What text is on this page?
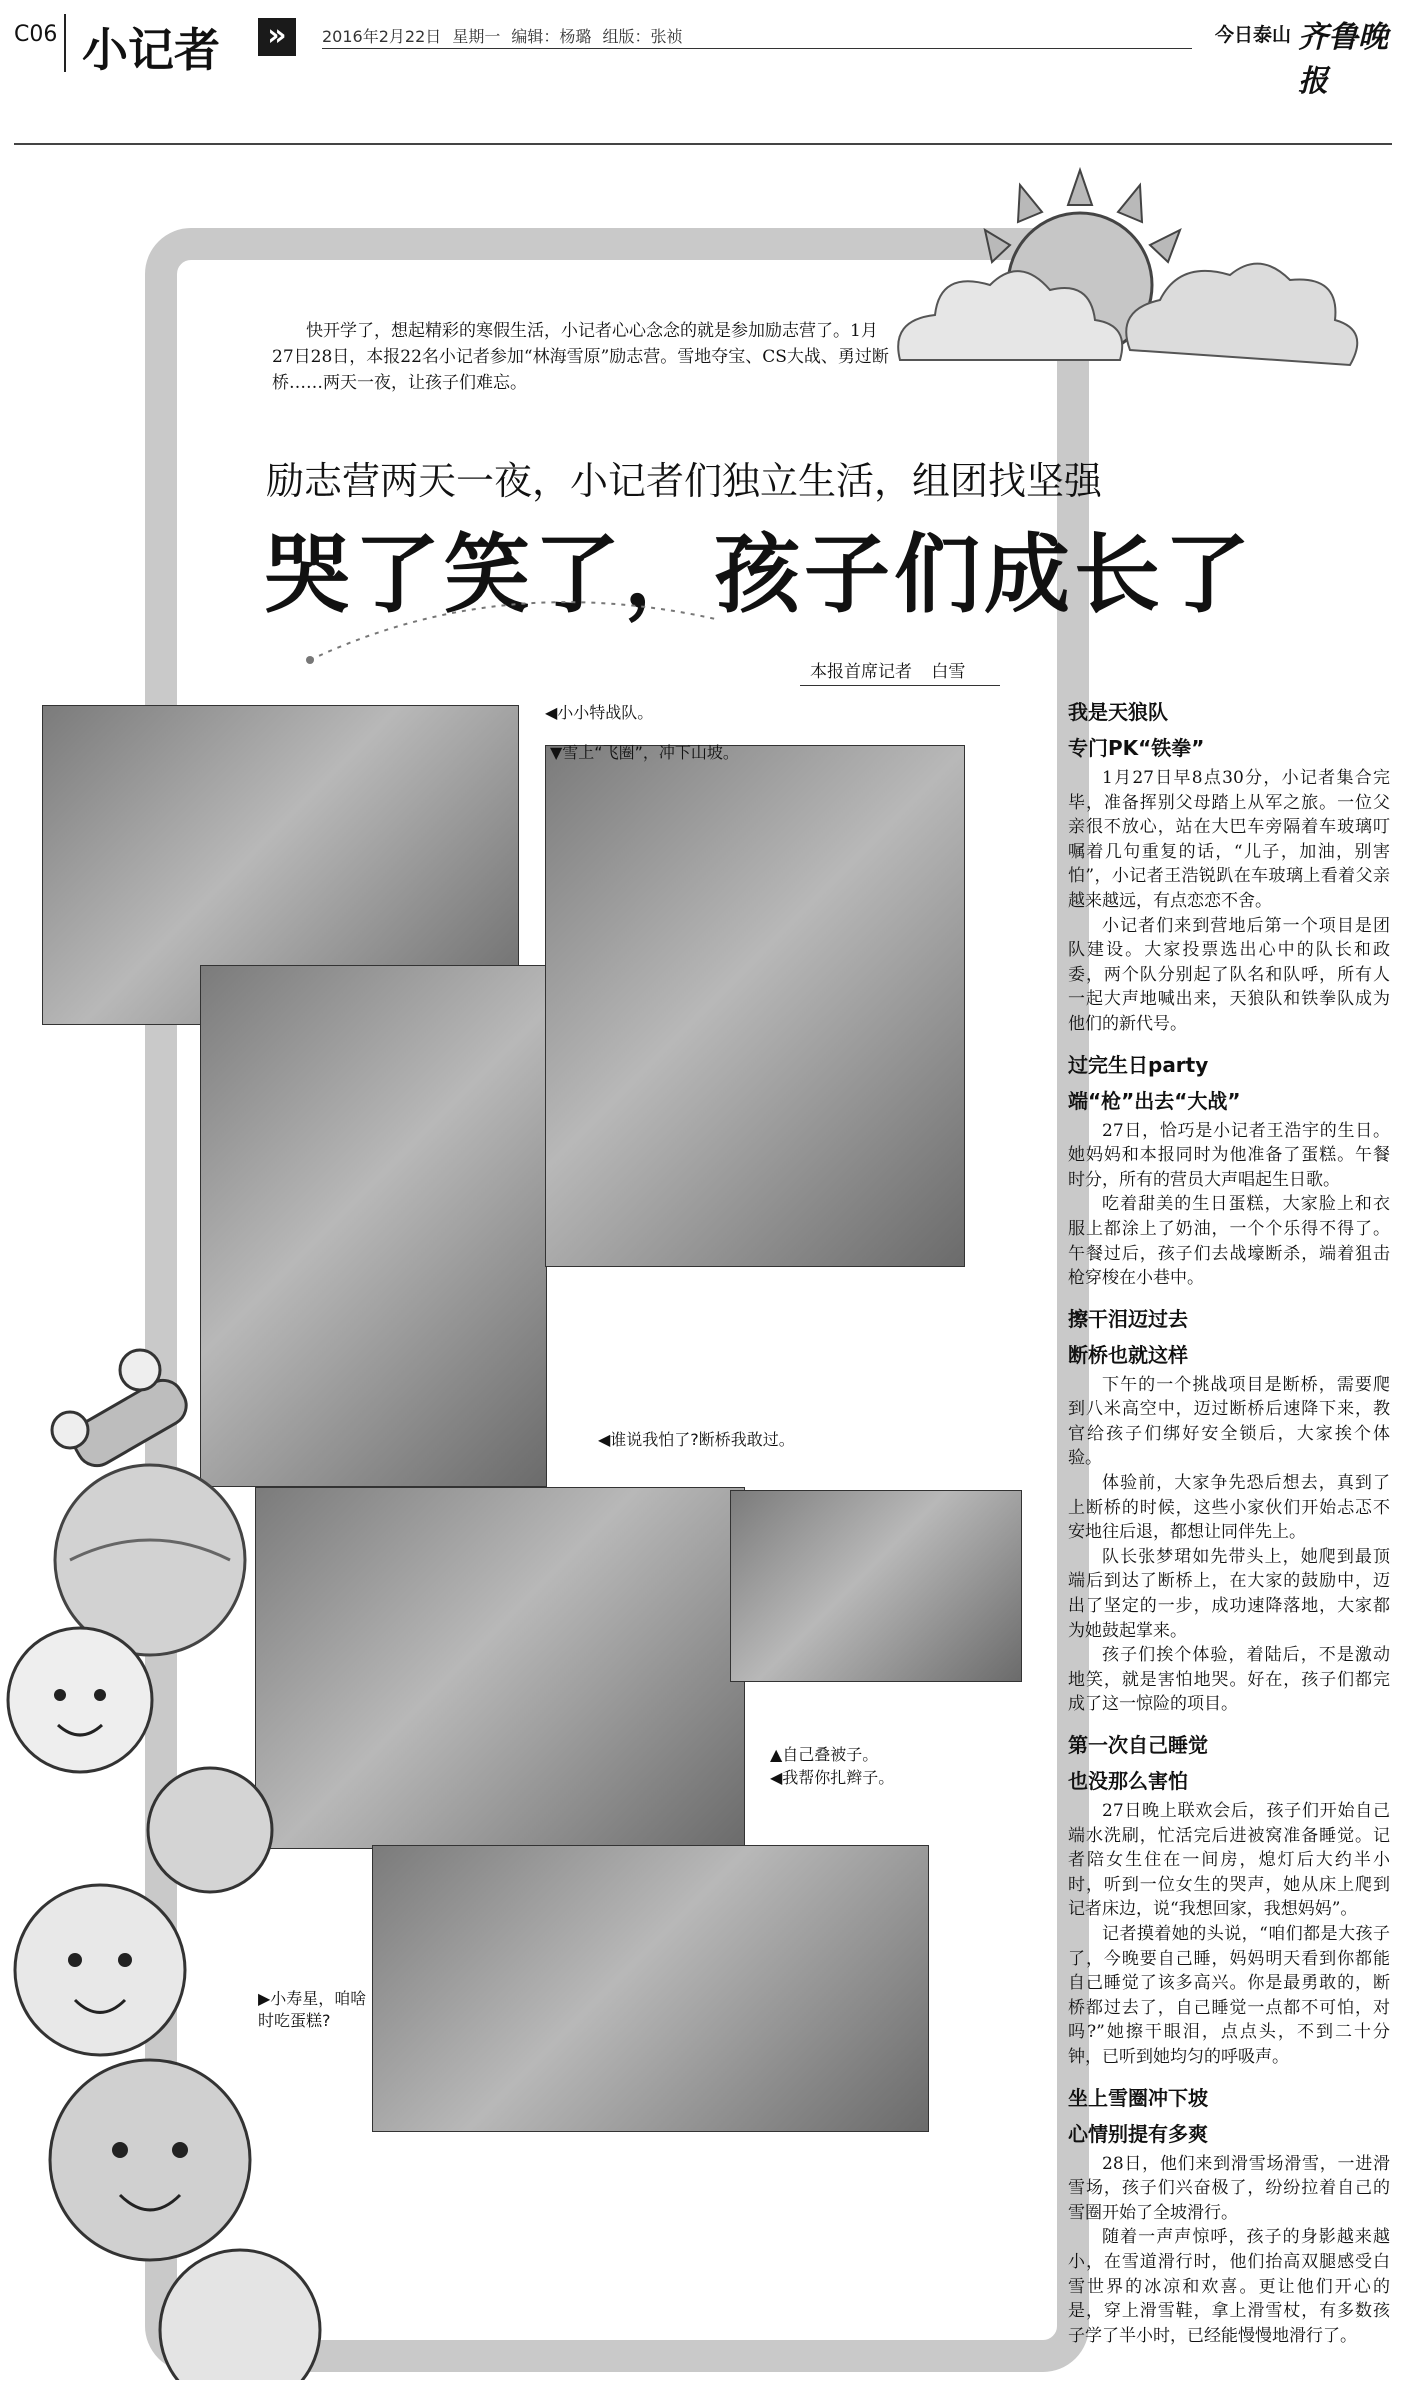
C06 小记者	»	2016年2月22日 星期一 编辑：杨璐 组版：张祯	今日泰山 齐鲁晚报
快开学了，想起精彩的寒假生活，小记者心心念念的就是参加励志营了。1月27日28日，本报22名小记者参加“林海雪原”励志营。雪地夺宝、CS大战、勇过断桥……两天一夜，让孩子们难忘。
励志营两天一夜，小记者们独立生活，组团找坚强
哭了笑了，孩子们成长了
本报首席记者 白雪
◀小小特战队。
▼雪上“飞圈”，冲下山坡。
◀谁说我怕了?断桥我敢过。
▲自己叠被子。
◀我帮你扎辫子。
▶小寿星，咱啥时吃蛋糕?
我是天狼队
专门PK“铁拳”

1月27日早8点30分，小记者集合完毕，准备挥别父母踏上从军之旅。一位父亲很不放心，站在大巴车旁隔着车玻璃叮嘱着几句重复的话，“儿子，加油，别害怕”，小记者王浩锐趴在车玻璃上看着父亲越来越远，有点恋恋不舍。

小记者们来到营地后第一个项目是团队建设。大家投票选出心中的队长和政委，两个队分别起了队名和队呼，所有人一起大声地喊出来，天狼队和铁拳队成为他们的新代号。

过完生日party
端“枪”出去“大战”

27日，恰巧是小记者王浩宇的生日。她妈妈和本报同时为他准备了蛋糕。午餐时分，所有的营员大声唱起生日歌。

吃着甜美的生日蛋糕，大家脸上和衣服上都涂上了奶油，一个个乐得不得了。午餐过后，孩子们去战壕断杀，端着狙击枪穿梭在小巷中。

擦干泪迈过去
断桥也就这样

下午的一个挑战项目是断桥，需要爬到八米高空中，迈过断桥后速降下来，教官给孩子们绑好安全锁后，大家挨个体验。

体验前，大家争先恐后想去，真到了上断桥的时候，这些小家伙们开始忐忑不安地往后退，都想让同伴先上。

队长张梦珺如先带头上，她爬到最顶端后到达了断桥上，在大家的鼓励中，迈出了坚定的一步，成功速降落地，大家都为她鼓起掌来。

孩子们挨个体验，着陆后，不是激动地笑，就是害怕地哭。好在，孩子们都完成了这一惊险的项目。

第一次自己睡觉
也没那么害怕

27日晚上联欢会后，孩子们开始自己端水洗刷，忙活完后进被窝准备睡觉。记者陪女生住在一间房，熄灯后大约半小时，听到一位女生的哭声，她从床上爬到记者床边，说“我想回家，我想妈妈”。

记者摸着她的头说，“咱们都是大孩子了，今晚要自己睡，妈妈明天看到你都能自己睡觉了该多高兴。你是最勇敢的，断桥都过去了，自己睡觉一点都不可怕，对吗?”她擦干眼泪，点点头，不到二十分钟，已听到她均匀的呼吸声。

坐上雪圈冲下坡
心情别提有多爽

28日，他们来到滑雪场滑雪，一进滑雪场，孩子们兴奋极了，纷纷拉着自己的雪圈开始了全坡滑行。

随着一声声惊呼，孩子的身影越来越小，在雪道滑行时，他们抬高双腿感受白雪世界的冰凉和欢喜。更让他们开心的是，穿上滑雪鞋，拿上滑雪杖，有多数孩子学了半小时，已经能慢慢地滑行了。
